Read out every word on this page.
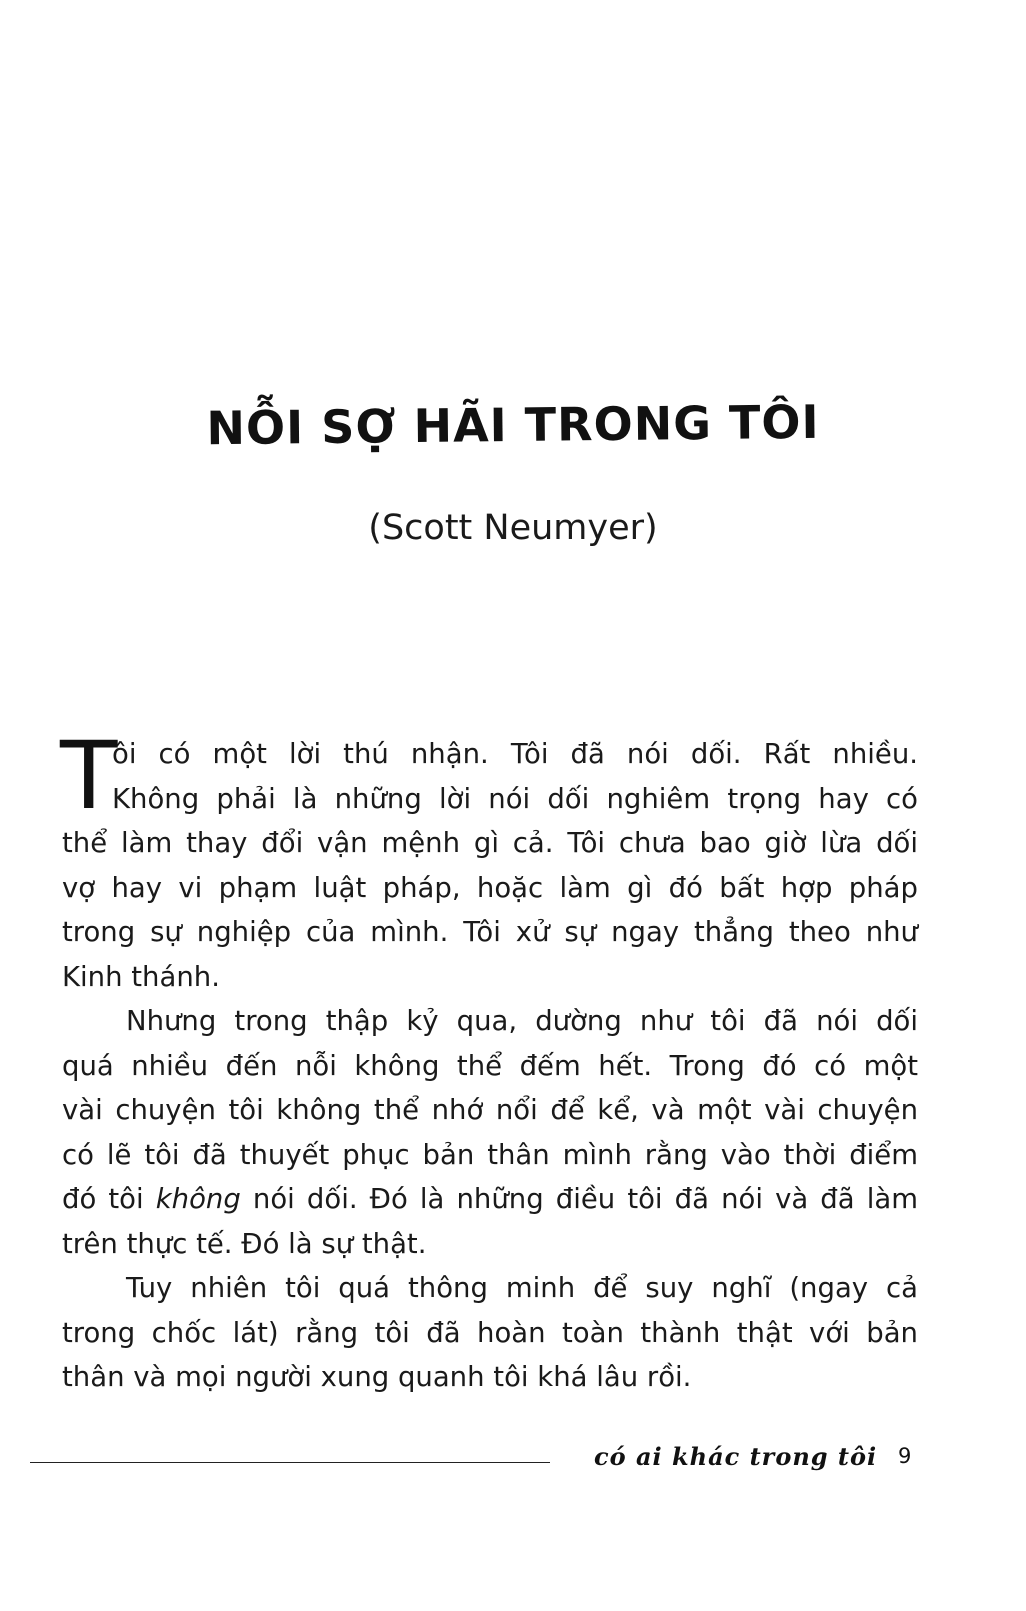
NỖI SỢ HÃI TRONG TÔI
(Scott Neumyer)
T
ôi có một lời thú nhận. Tôi đã nói dối. Rất nhiều.
Không phải là những lời nói dối nghiêm trọng hay có
thể làm thay đổi vận mệnh gì cả. Tôi chưa bao giờ lừa dối
vợ hay vi phạm luật pháp, hoặc làm gì đó bất hợp pháp
trong sự nghiệp của mình. Tôi xử sự ngay thẳng theo như
Kinh thánh.
Nhưng trong thập kỷ qua, dường như tôi đã nói dối
quá nhiều đến nỗi không thể đếm hết. Trong đó có một
vài chuyện tôi không thể nhớ nổi để kể, và một vài chuyện
có lẽ tôi đã thuyết phục bản thân mình rằng vào thời điểm
đó tôi không nói dối. Đó là những điều tôi đã nói và đã làm
trên thực tế. Đó là sự thật.
Tuy nhiên tôi quá thông minh để suy nghĩ (ngay cả
trong chốc lát) rằng tôi đã hoàn toàn thành thật với bản
thân và mọi người xung quanh tôi khá lâu rồi.
có ai khác trong tôi 9
